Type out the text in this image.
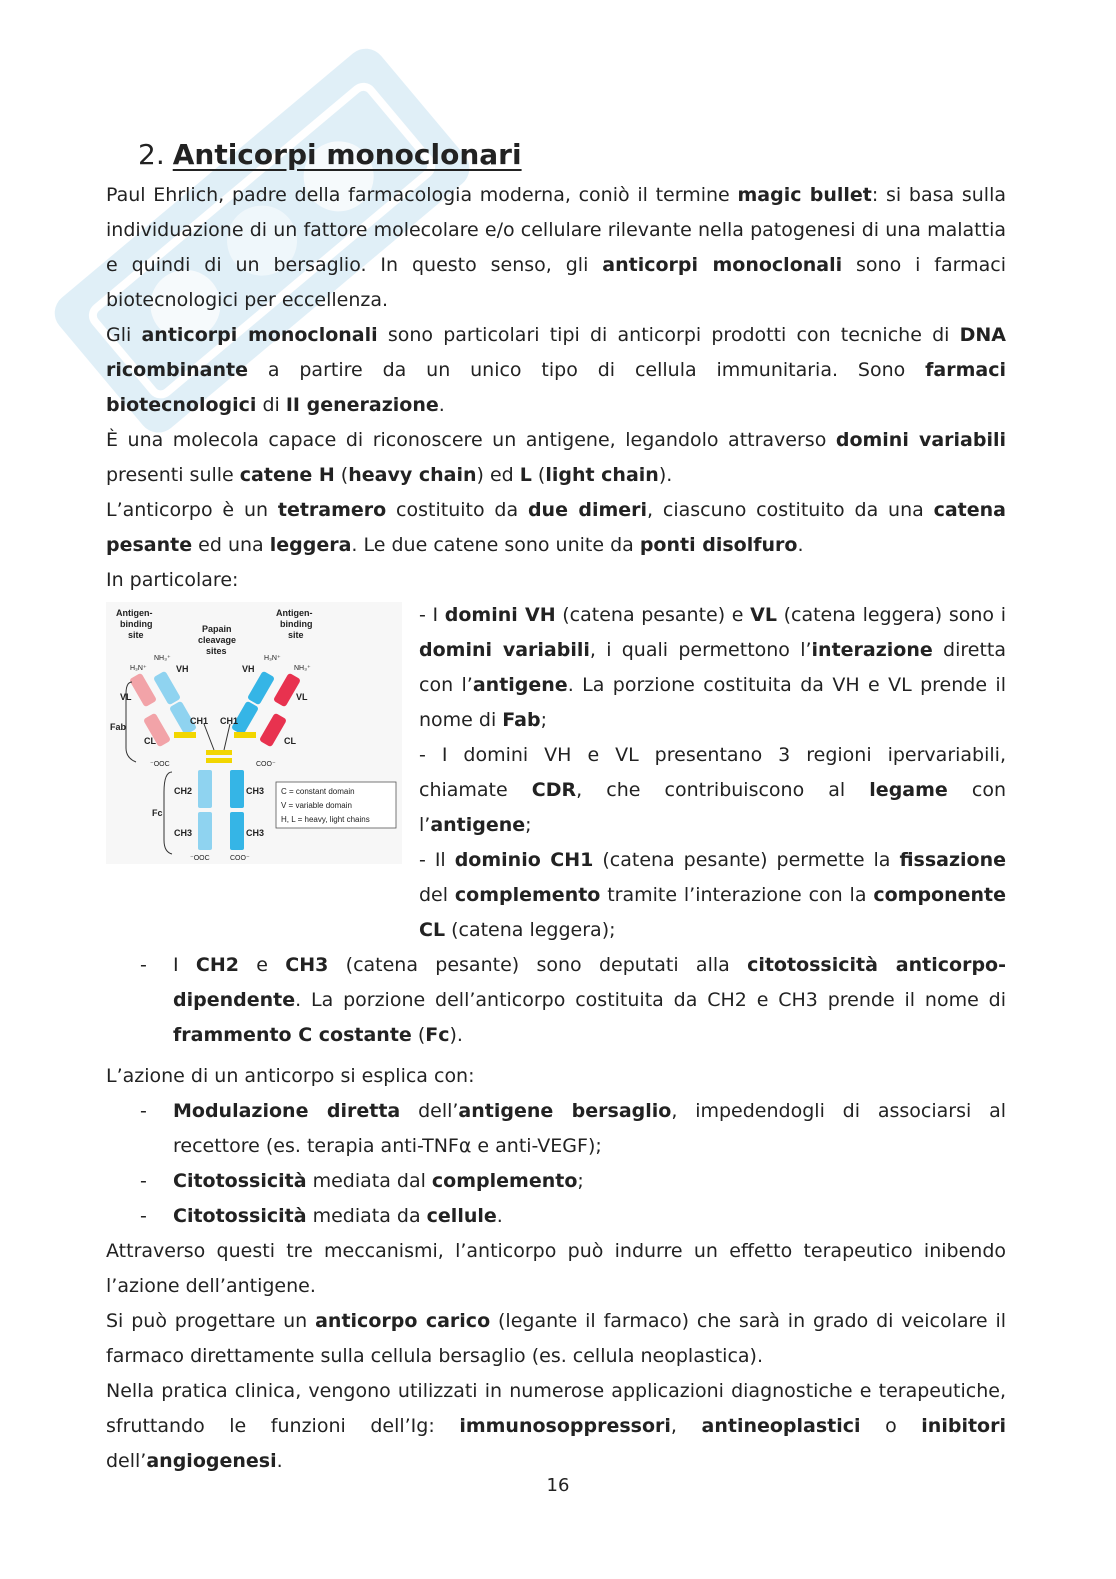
2. Anticorpi monoclonari

Paul Ehrlich, padre della farmacologia moderna, coniò il termine magic bullet: si basa sulla individuazione di un fattore molecolare e/o cellulare rilevante nella patogenesi di una malattia e quindi di un bersaglio. In questo senso, gli anticorpi monoclonali sono i farmaci biotecnologici per eccellenza.

Gli anticorpi monoclonali sono particolari tipi di anticorpi prodotti con tecniche di DNA ricombinante a partire da un unico tipo di cellula immunitaria. Sono farmaci biotecnologici di II generazione.

È una molecola capace di riconoscere un antigene, legandolo attraverso domini variabili presenti sulle catene H (heavy chain) ed L (light chain).

L’anticorpo è un tetramero costituito da due dimeri, ciascuno costituito da una catena pesante ed una leggera. Le due catene sono unite da ponti disolfuro.

In particolare:

Antigen-
binding
site
Antigen-
binding
site
Papain
cleavage
sites
H₃N⁺
NH₃⁺	H₃N⁺
NH₃⁺
VL
VH
CH1
CL
VH
VL
CH1
CL
Fab
⁻OOC	COO⁻
CH2
CH3
CH3
CH3
Fc
⁻OOC	COO⁻
C = constant domain
V = variable domain
H, L = heavy, light chains

- I domini VH (catena pesante) e VL (catena leggera) sono i domini variabili, i quali permettono l’interazione diretta con l’antigene. La porzione costituita da VH e VL prende il nome di Fab;

- I domini VH e VL presentano 3 regioni ipervariabili, chiamate CDR, che contribuiscono al legame con l’antigene;

- Il dominio CH1 (catena pesante) permette la fissazione del complemento tramite l’interazione con la componente CL (catena leggera);

- I CH2 e CH3 (catena pesante) sono deputati alla citotossicità anticorpo-dipendente. La porzione dell’anticorpo costituita da CH2 e CH3 prende il nome di frammento C costante (Fc).

L’azione di un anticorpo si esplica con:

- Modulazione diretta dell’antigene bersaglio, impedendogli di associarsi al recettore (es. terapia anti-TNFα e anti-VEGF);
- Citotossicità mediata dal complemento;
- Citotossicità mediata da cellule.

Attraverso questi tre meccanismi, l’anticorpo può indurre un effetto terapeutico inibendo l’azione dell’antigene.

Si può progettare un anticorpo carico (legante il farmaco) che sarà in grado di veicolare il farmaco direttamente sulla cellula bersaglio (es. cellula neoplastica).

Nella pratica clinica, vengono utilizzati in numerose applicazioni diagnostiche e terapeutiche, sfruttando le funzioni dell’Ig: immunosoppressori, antineoplastici o inibitori dell’angiogenesi.

16
